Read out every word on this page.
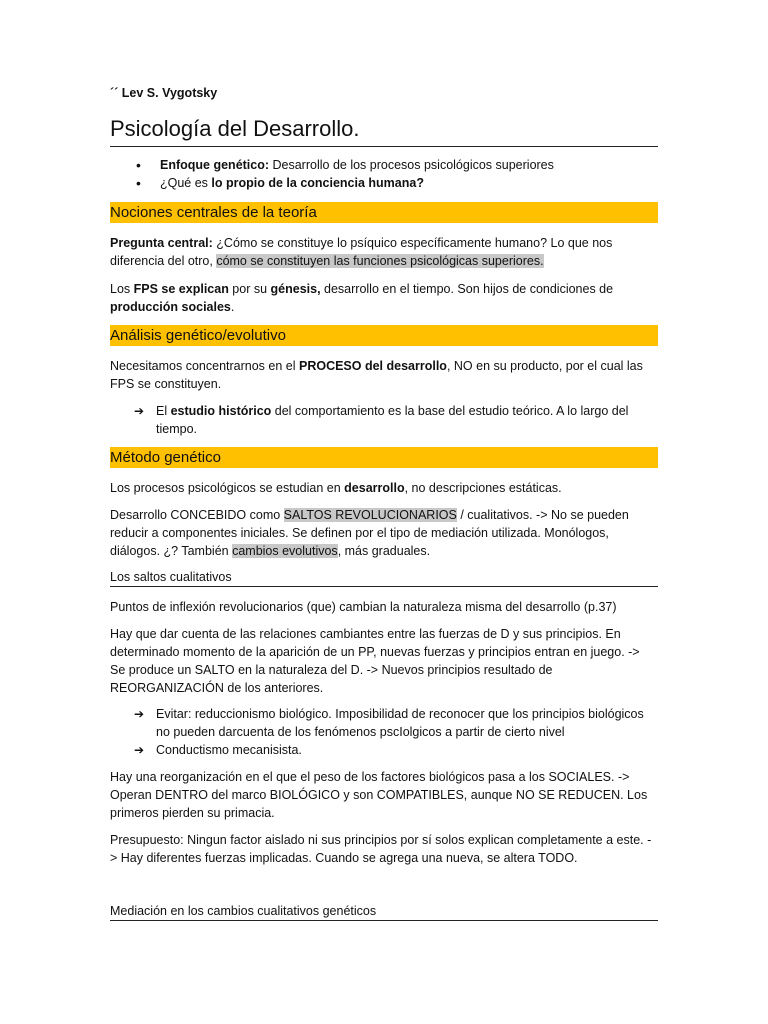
´´ Lev S. Vygotsky
Psicología del Desarrollo.
• Enfoque genético: Desarrollo de los procesos psicológicos superiores
• ¿Qué es lo propio de la conciencia humana?
Nociones centrales de la teoría
Pregunta central: ¿Cómo se constituye lo psíquico específicamente humano? Lo que nos diferencia del otro, cómo se constituyen las funciones psicológicas superiores.
Los FPS se explican por su génesis, desarrollo en el tiempo. Son hijos de condiciones de producción sociales.
Análisis genético/evolutivo
Necesitamos concentrarnos en el PROCESO del desarrollo, NO en su producto, por el cual las FPS se constituyen.
➔ El estudio histórico del comportamiento es la base del estudio teórico. A lo largo del tiempo.
Método genético
Los procesos psicológicos se estudian en desarrollo, no descripciones estáticas.
Desarrollo CONCEBIDO como SALTOS REVOLUCIONARIOS / cualitativos. -> No se pueden reducir a componentes iniciales. Se definen por el tipo de mediación utilizada. Monólogos, diálogos. ¿? También cambios evolutivos, más graduales.
Los saltos cualitativos
Puntos de inflexión revolucionarios (que) cambian la naturaleza misma del desarrollo (p.37)
Hay que dar cuenta de las relaciones cambiantes entre las fuerzas de D y sus principios. En determinado momento de la aparición de un PP, nuevas fuerzas y principios entran en juego. -> Se produce un SALTO en la naturaleza del D. -> Nuevos principios resultado de REORGANIZACIÓN de los anteriores.
➔ Evitar: reduccionismo biológico. Imposibilidad de reconocer que los principios biológicos no pueden darcuenta de los fenómenos pscIolgicos a partir de cierto nivel
➔ Conductismo mecanisista.
Hay una reorganización en el que el peso de los factores biológicos pasa a los SOCIALES. -> Operan DENTRO del marco BIOLÓGICO y son COMPATIBLES, aunque NO SE REDUCEN. Los primeros pierden su primacia.
Presupuesto: Ningun factor aislado ni sus principios por sí solos explican completamente a este. -> Hay diferentes fuerzas implicadas. Cuando se agrega una nueva, se altera TODO.
Mediación en los cambios cualitativos genéticos
